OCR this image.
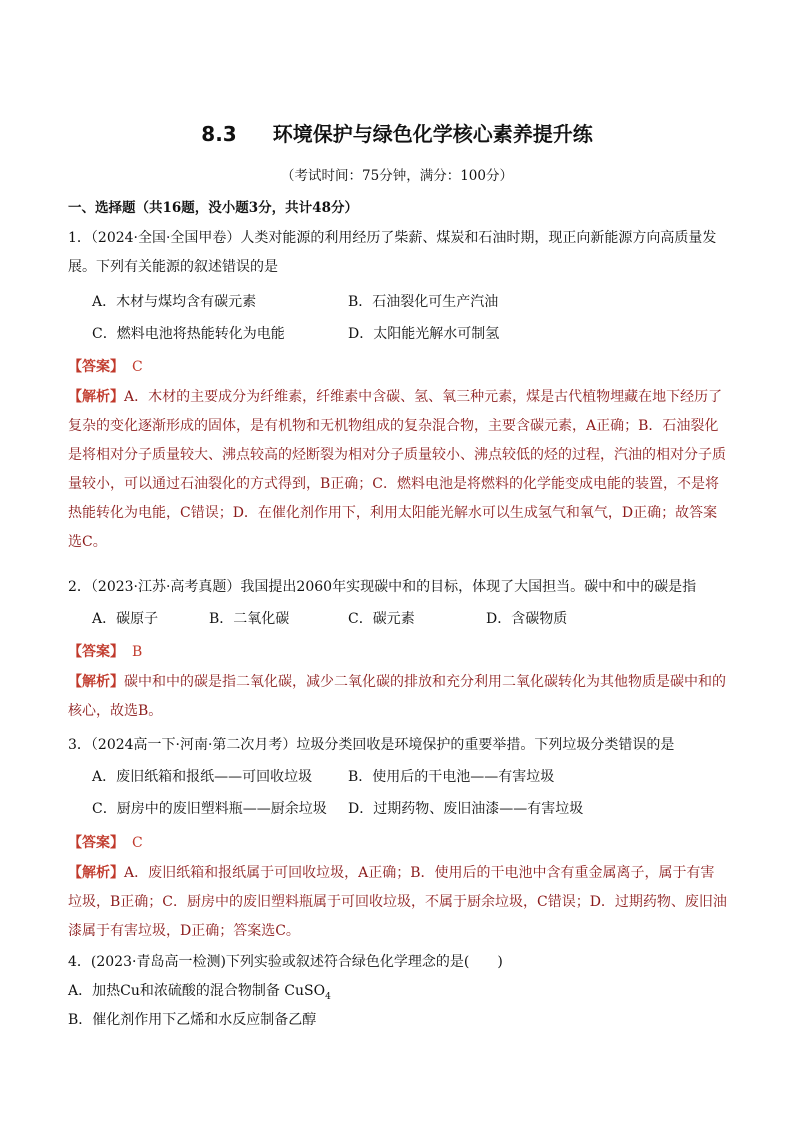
8.3 环境保护与绿色化学核心素养提升练
（考试时间：75分钟，满分：100分）
一、选择题（共16题，没小题3分，共计48分）
1．（2024·全国·全国甲卷）人类对能源的利用经历了柴薪、煤炭和石油时期，现正向新能源方向高质量发展。下列有关能源的叙述错误的是
A．木材与煤均含有碳元素	B．石油裂化可生产汽油
C．燃料电池将热能转化为电能	D．太阳能光解水可制氢
【答案】 C
【解析】A．木材的主要成分为纤维素，纤维素中含碳、氢、氧三种元素，煤是古代植物埋藏在地下经历了复杂的变化逐渐形成的固体，是有机物和无机物组成的复杂混合物，主要含碳元素，A正确；B．石油裂化是将相对分子质量较大、沸点较高的烃断裂为相对分子质量较小、沸点较低的烃的过程，汽油的相对分子质量较小，可以通过石油裂化的方式得到，B正确；C．燃料电池是将燃料的化学能变成电能的装置，不是将热能转化为电能，C错误；D．在催化剂作用下，利用太阳能光解水可以生成氢气和氧气，D正确；故答案选C。
2．（2023·江苏·高考真题）我国提出2060年实现碳中和的目标，体现了大国担当。碳中和中的碳是指
A．碳原子	B．二氧化碳	C．碳元素	D．含碳物质
【答案】 B
【解析】碳中和中的碳是指二氧化碳，减少二氧化碳的排放和充分利用二氧化碳转化为其他物质是碳中和的核心，故选B。
3．（2024高一下·河南·第二次月考）垃圾分类回收是环境保护的重要举措。下列垃圾分类错误的是
A．废旧纸箱和报纸——可回收垃圾	B．使用后的干电池——有害垃圾
C．厨房中的废旧塑料瓶——厨余垃圾 D．过期药物、废旧油漆——有害垃圾
【答案】 C
【解析】A．废旧纸箱和报纸属于可回收垃圾，A正确；B．使用后的干电池中含有重金属离子，属于有害垃圾，B正确；C．厨房中的废旧塑料瓶属于可回收垃圾，不属于厨余垃圾，C错误；D．过期药物、废旧油漆属于有害垃圾，D正确；答案选C。
4．(2023·青岛高一检测)下列实验或叙述符合绿色化学理念的是(　　)
A．加热Cu和浓硫酸的混合物制备 CuSO$_4$
B．催化剂作用下乙烯和水反应制备乙醇
